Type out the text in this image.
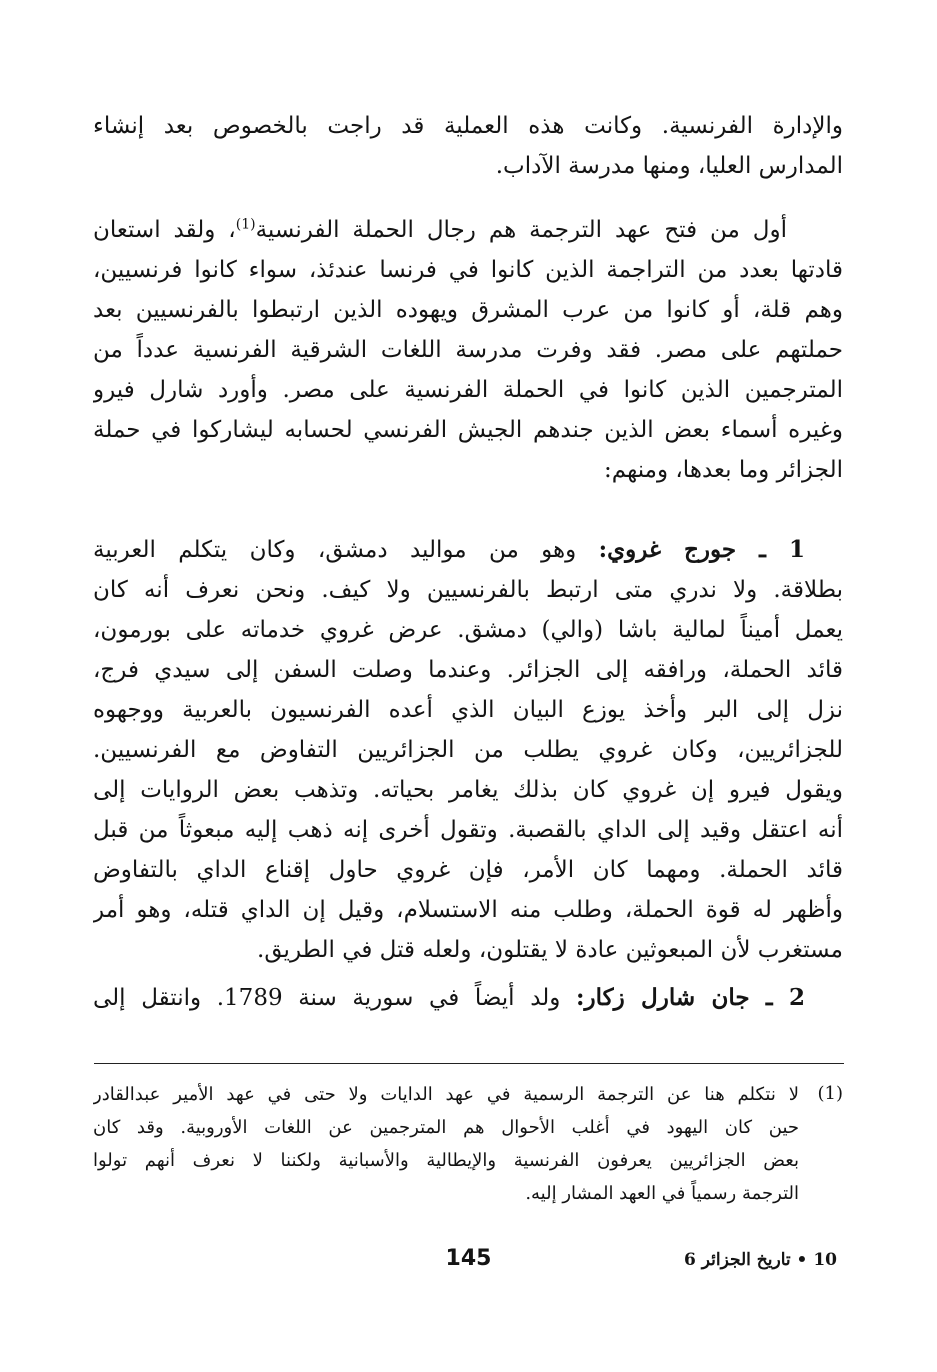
والإدارة الفرنسية. وكانت هذه العملية قد راجت بالخصوص بعد إنشاء
المدارس العليا، ومنها مدرسة الآداب.
أول من فتح عهد الترجمة هم رجال الحملة الفرنسية$^{(1)}$، ولقد استعان
قادتها بعدد من التراجمة الذين كانوا في فرنسا عندئذ، سواء كانوا فرنسيين،
وهم قلة، أو كانوا من عرب المشرق ويهوده الذين ارتبطوا بالفرنسيين بعد
حملتهم على مصر. فقد وفرت مدرسة اللغات الشرقية الفرنسية عدداً من
المترجمين الذين كانوا في الحملة الفرنسية على مصر. وأورد شارل فيرو
وغيره أسماء بعض الذين جندهم الجيش الفرنسي لحسابه ليشاركوا في حملة
الجزائر وما بعدها، ومنهم:
1 ـ جورج غروي: وهو من مواليد دمشق، وكان يتكلم العربية
بطلاقة. ولا ندري متى ارتبط بالفرنسيين ولا كيف. ونحن نعرف أنه كان
يعمل أميناً لمالية باشا (والي) دمشق. عرض غروي خدماته على بورمون،
قائد الحملة، ورافقه إلى الجزائر. وعندما وصلت السفن إلى سيدي فرج،
نزل إلى البر وأخذ يوزع البيان الذي أعده الفرنسيون بالعربية ووجهوه
للجزائريين، وكان غروي يطلب من الجزائريين التفاوض مع الفرنسيين.
ويقول فيرو إن غروي كان بذلك يغامر بحياته. وتذهب بعض الروايات إلى
أنه اعتقل وقيد إلى الداي بالقصبة. وتقول أخرى إنه ذهب إليه مبعوثاً من قبل
قائد الحملة. ومهما كان الأمر، فإن غروي حاول إقناع الداي بالتفاوض
وأظهر له قوة الحملة، وطلب منه الاستسلام، وقيل إن الداي قتله، وهو أمر
مستغرب لأن المبعوثين عادة لا يقتلون، ولعله قتل في الطريق.
2 ـ جان شارل زكار: ولد أيضاً في سورية سنة 1789. وانتقل إلى
(1)
لا نتكلم هنا عن الترجمة الرسمية في عهد الدايات ولا حتى في عهد الأمير عبدالقادر
حين كان اليهود في أغلب الأحوال هم المترجمين عن اللغات الأوروبية. وقد كان
بعض الجزائريين يعرفون الفرنسية والإيطالية والأسبانية ولكننا لا نعرف أنهم تولوا
الترجمة رسمياً في العهد المشار إليه.
145	10 • تاريخ الجزائر 6
